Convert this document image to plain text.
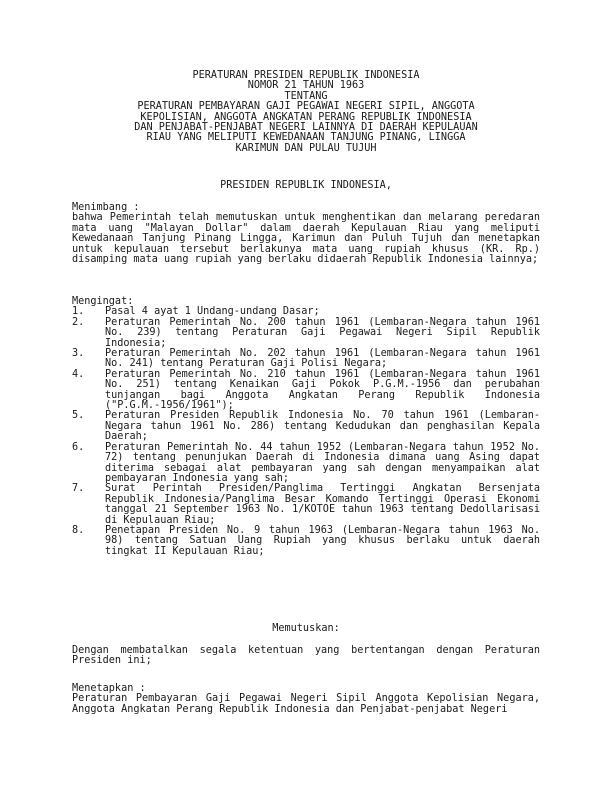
PERATURAN PRESIDEN REPUBLIK INDONESIA
NOMOR 21 TAHUN 1963
TENTANG
PERATURAN PEMBAYARAN GAJI PEGAWAI NEGERI SIPIL, ANGGOTA
KEPOLISIAN, ANGGOTA ANGKATAN PERANG REPUBLIK INDONESIA
DAN PENJABAT-PENJABAT NEGERI LAINNYA DI DAERAH KEPULAUAN
RIAU YANG MELIPUTI KEWEDANAAN TANJUNG PINANG, LINGGA
KARIMUN DAN PULAU TUJUH
PRESIDEN REPUBLIK INDONESIA,
Menimbang :

bahwa Pemerintah telah memutuskan untuk menghentikan dan melarang peredaran mata uang "Malayan Dollar" dalam daerah Kepulauan Riau yang meliputi Kewedanaan Tanjung Pinang Lingga, Karimun dan Puluh Tujuh dan menetapkan untuk kepulauan tersebut berlakunya mata uang rupiah khusus (KR. Rp.) disamping mata uang rupiah yang berlaku didaerah Republik Indonesia lainnya;

Mengingat:
1. Pasal 4 ayat 1 Undang-undang Dasar;
2. Peraturan Pemerintah No. 200 tahun 1961 (Lembaran-Negara tahun 1961 No. 239) tentang Peraturan Gaji Pegawai Negeri Sipil Republik Indonesia;
3. Peraturan Pemerintah No. 202 tahun 1961 (Lembaran-Negara tahun 1961 No. 241) tentang Peraturan Gaji Polisi Negara;
4. Peraturan Pemerintah No. 210 tahun 1961 (Lembaran-Negara tahun 1961 No. 251) tentang Kenaikan Gaji Pokok P.G.M.-1956 dan perubahan tunjangan bagi Anggota Angkatan Perang Republik Indonesia ("P.G.M.-1956/1961");
5. Peraturan Presiden Republik Indonesia No. 70 tahun 1961 (Lembaran-Negara tahun 1961 No. 286) tentang Kedudukan dan penghasilan Kepala Daerah;
6. Peraturan Pemerintah No. 44 tahun 1952 (Lembaran-Negara tahun 1952 No. 72) tentang penunjukan Daerah di Indonesia dimana uang Asing dapat diterima sebagai alat pembayaran yang sah dengan menyampaikan alat pembayaran Indonesia yang sah;
7. Surat Perintah Presiden/Panglima Tertinggi Angkatan Bersenjata Republik Indonesia/Panglima Besar Komando Tertinggi Operasi Ekonomi tanggal 21 September 1963 No. 1/KOTOE tahun 1963 tentang Dedollarisasi di Kepulauan Riau;
8. Penetapan Presiden No. 9 tahun 1963 (Lembaran-Negara tahun 1963 No. 98) tentang Satuan Uang Rupiah yang khusus berlaku untuk daerah tingkat II Kepulauan Riau;
Memutuskan:

Dengan membatalkan segala ketentuan yang bertentangan dengan Peraturan Presiden ini;

Menetapkan :

Peraturan Pembayaran Gaji Pegawai Negeri Sipil Anggota Kepolisian Negara, Anggota Angkatan Perang Republik Indonesia dan Penjabat-penjabat Negeri
